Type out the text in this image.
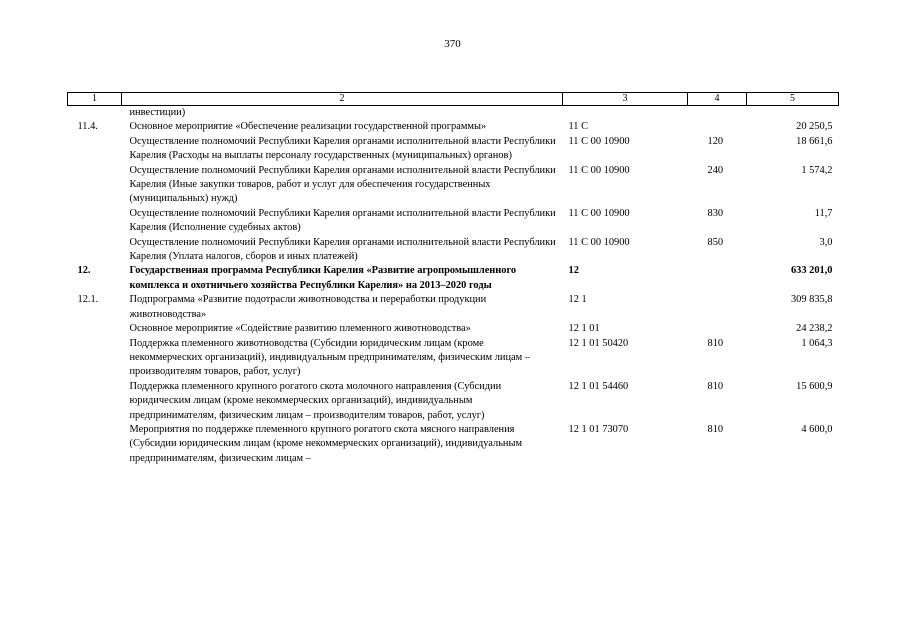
370
1	2	3	4	5
	инвестиции)			
11.4.	Основное мероприятие «Обеспечение реализации государственной программы»	11 С		20 250,5
	Осуществление полномочий Республики Карелия органами исполнительной власти Республики Карелия (Расходы на выплаты персоналу государственных (муниципальных) органов)	11 С 00 10900	120	18 661,6
	Осуществление полномочий Республики Карелия органами исполнительной власти Республики Карелия (Иные закупки товаров, работ и услуг для обеспечения государственных (муниципальных) нужд)	11 С 00 10900	240	1 574,2
	Осуществление полномочий Республики Карелия органами исполнительной власти Республики Карелия (Исполнение судебных актов)	11 С 00 10900	830	11,7
	Осуществление полномочий Республики Карелия органами исполнительной власти Республики Карелия (Уплата налогов, сборов и иных платежей)	11 С 00 10900	850	3,0
12.	Государственная программа Республики Карелия «Развитие агропромышленного комплекса и охотничьего хозяйства Республики Карелия» на 2013–2020 годы	12		633 201,0
12.1.	Подпрограмма «Развитие подотрасли животноводства и переработки продукции животноводства»	12 1		309 835,8
	Основное мероприятие «Содействие развитию племенного животноводства»	12 1 01		24 238,2
	Поддержка племенного животноводства (Субсидии юридическим лицам (кроме некоммерческих организаций), индивидуальным предпринимателям, физическим лицам – производителям товаров, работ, услуг)	12 1 01 50420	810	1 064,3
	Поддержка племенного крупного рогатого скота молочного направления (Субсидии юридическим лицам (кроме некоммерческих организаций), индивидуальным предпринимателям, физическим лицам – производителям товаров, работ, услуг)	12 1 01 54460	810	15 600,9
	Мероприятия по поддержке племенного крупного рогатого скота мясного направления (Субсидии юридическим лицам (кроме некоммерческих организаций), индивидуальным предпринимателям, физическим лицам –	12 1 01 73070	810	4 600,0
